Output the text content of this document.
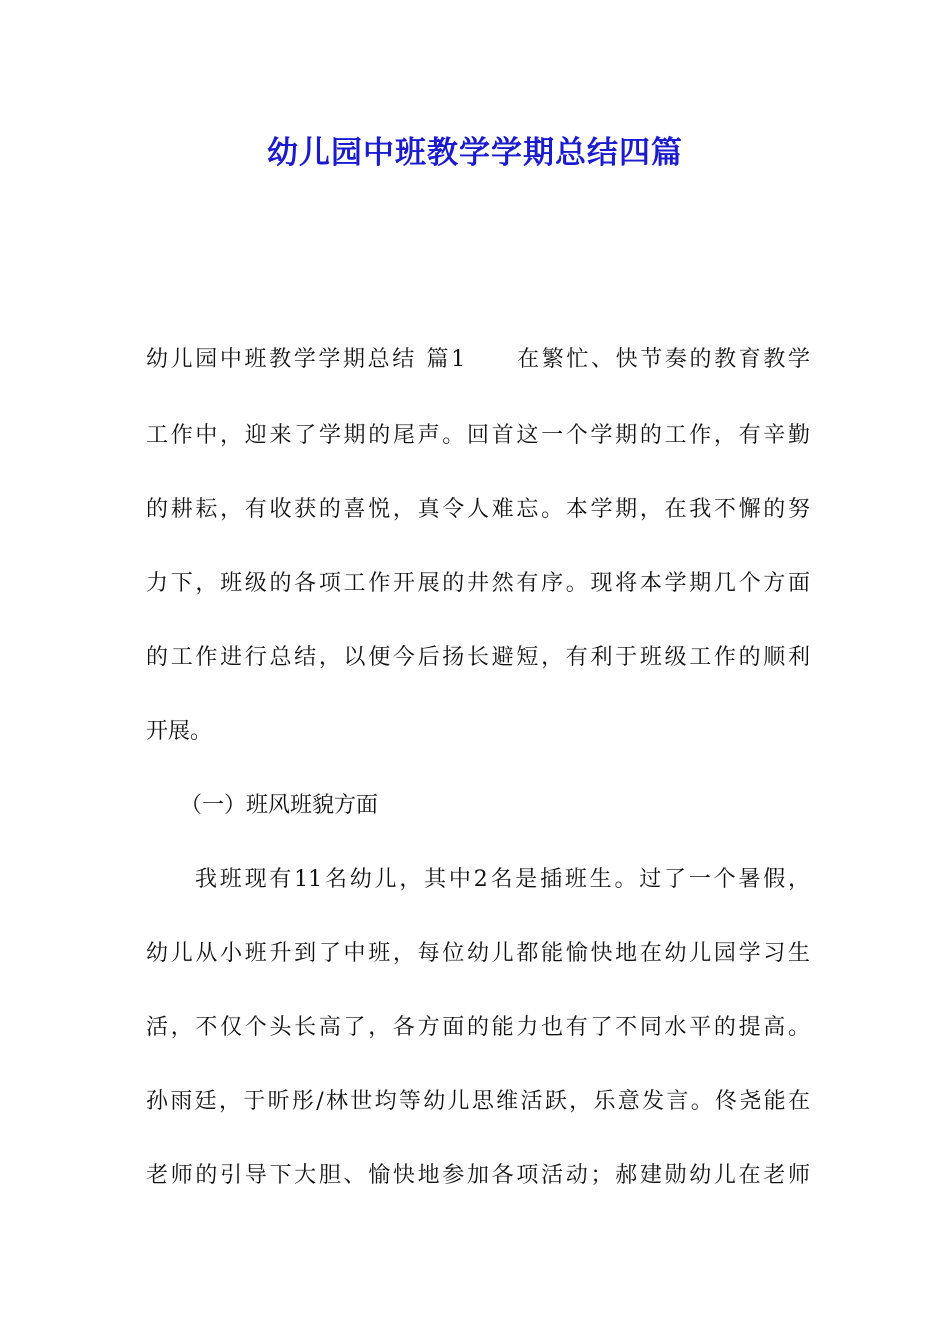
幼儿园中班教学学期总结四篇

幼儿园中班教学学期总结 篇1　　在繁忙、快节奏的教育教学

工作中，迎来了学期的尾声。回首这一个学期的工作，有辛勤

的耕耘，有收获的喜悦，真令人难忘。本学期，在我不懈的努

力下，班级的各项工作开展的井然有序。现将本学期几个方面

的工作进行总结，以便今后扬长避短，有利于班级工作的顺利

开展。

（一）班风班貌方面

我班现有11名幼儿，其中2名是插班生。过了一个暑假，

幼儿从小班升到了中班，每位幼儿都能愉快地在幼儿园学习生

活，不仅个头长高了，各方面的能力也有了不同水平的提高。

孙雨廷，于昕彤/林世均等幼儿思维活跃，乐意发言。佟尧能在

老师的引导下大胆、愉快地参加各项活动；郝建勋幼儿在老师
